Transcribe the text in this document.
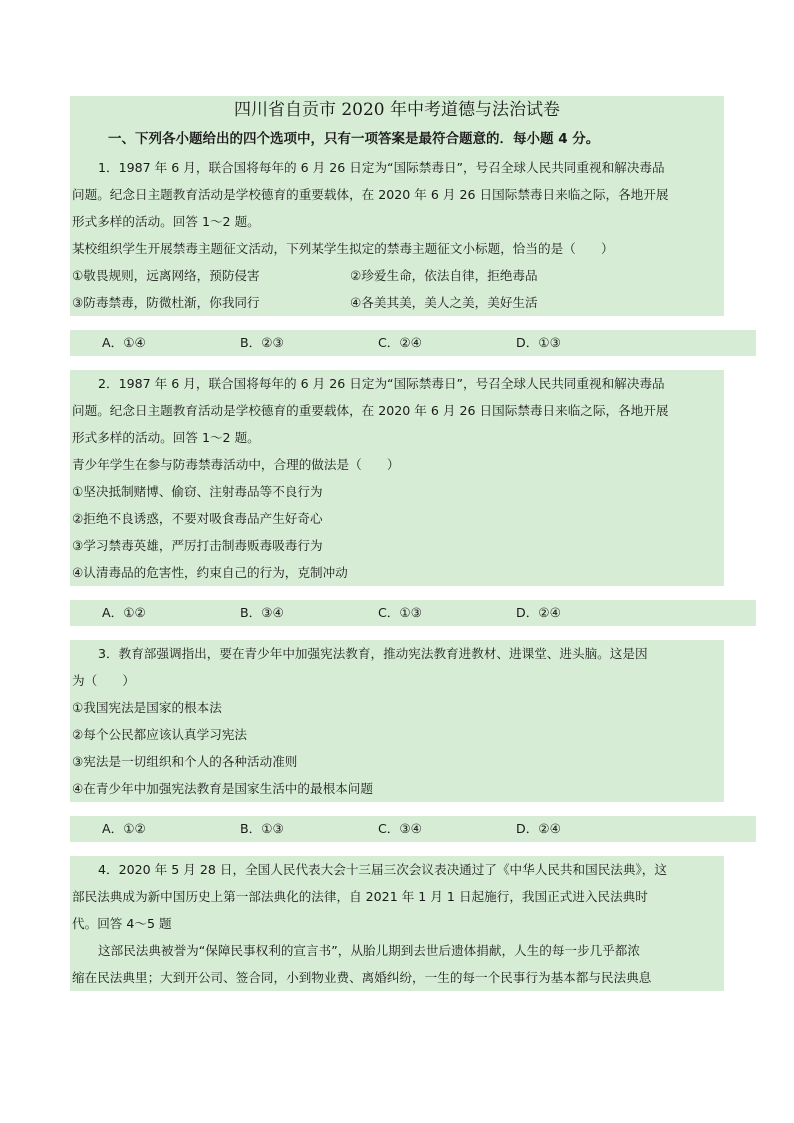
四川省自贡市 2020 年中考道德与法治试卷
一、下列各小题给出的四个选项中，只有一项答案是最符合题意的．每小题 4 分。
1．1987 年 6 月，联合国将每年的 6 月 26 日定为“国际禁毒日”，号召全球人民共同重视和解决毒品
问题。纪念日主题教育活动是学校德育的重要载体，在 2020 年 6 月 26 日国际禁毒日来临之际，各地开展
形式多样的活动。回答 1～2 题。
某校组织学生开展禁毒主题征文活动，下列某学生拟定的禁毒主题征文小标题，恰当的是（　　）
①敬畏规则，远离网络，预防侵害	②珍爱生命，依法自律，拒绝毒品
③防毒禁毒，防微杜渐，你我同行	④各美其美，美人之美，美好生活
A．①④	B．②③	C．②④	D．①③
2．1987 年 6 月，联合国将每年的 6 月 26 日定为“国际禁毒日”，号召全球人民共同重视和解决毒品
问题。纪念日主题教育活动是学校德育的重要载体，在 2020 年 6 月 26 日国际禁毒日来临之际，各地开展
形式多样的活动。回答 1～2 题。
青少年学生在参与防毒禁毒活动中，合理的做法是（　　）
①坚决抵制赌博、偷窃、注射毒品等不良行为
②拒绝不良诱惑，不要对吸食毒品产生好奇心
③学习禁毒英雄，严厉打击制毒贩毒吸毒行为
④认清毒品的危害性，约束自己的行为，克制冲动
A．①②	B．③④	C．①③	D．②④
3．教育部强调指出，要在青少年中加强宪法教育，推动宪法教育进教材、进课堂、进头脑。这是因
为（　　）
①我国宪法是国家的根本法
②每个公民都应该认真学习宪法
③宪法是一切组织和个人的各种活动准则
④在青少年中加强宪法教育是国家生活中的最根本问题
A．①②	B．①③	C．③④	D．②④
4．2020 年 5 月 28 日，全国人民代表大会十三届三次会议表决通过了《中华人民共和国民法典》，这
部民法典成为新中国历史上第一部法典化的法律，自 2021 年 1 月 1 日起施行，我国正式进入民法典时
代。回答 4～5 题
这部民法典被誉为“保障民事权利的宣言书”，从胎儿期到去世后遗体捐献，人生的每一步几乎都浓
缩在民法典里；大到开公司、签合同，小到物业费、离婚纠纷，一生的每一个民事行为基本都与民法典息
